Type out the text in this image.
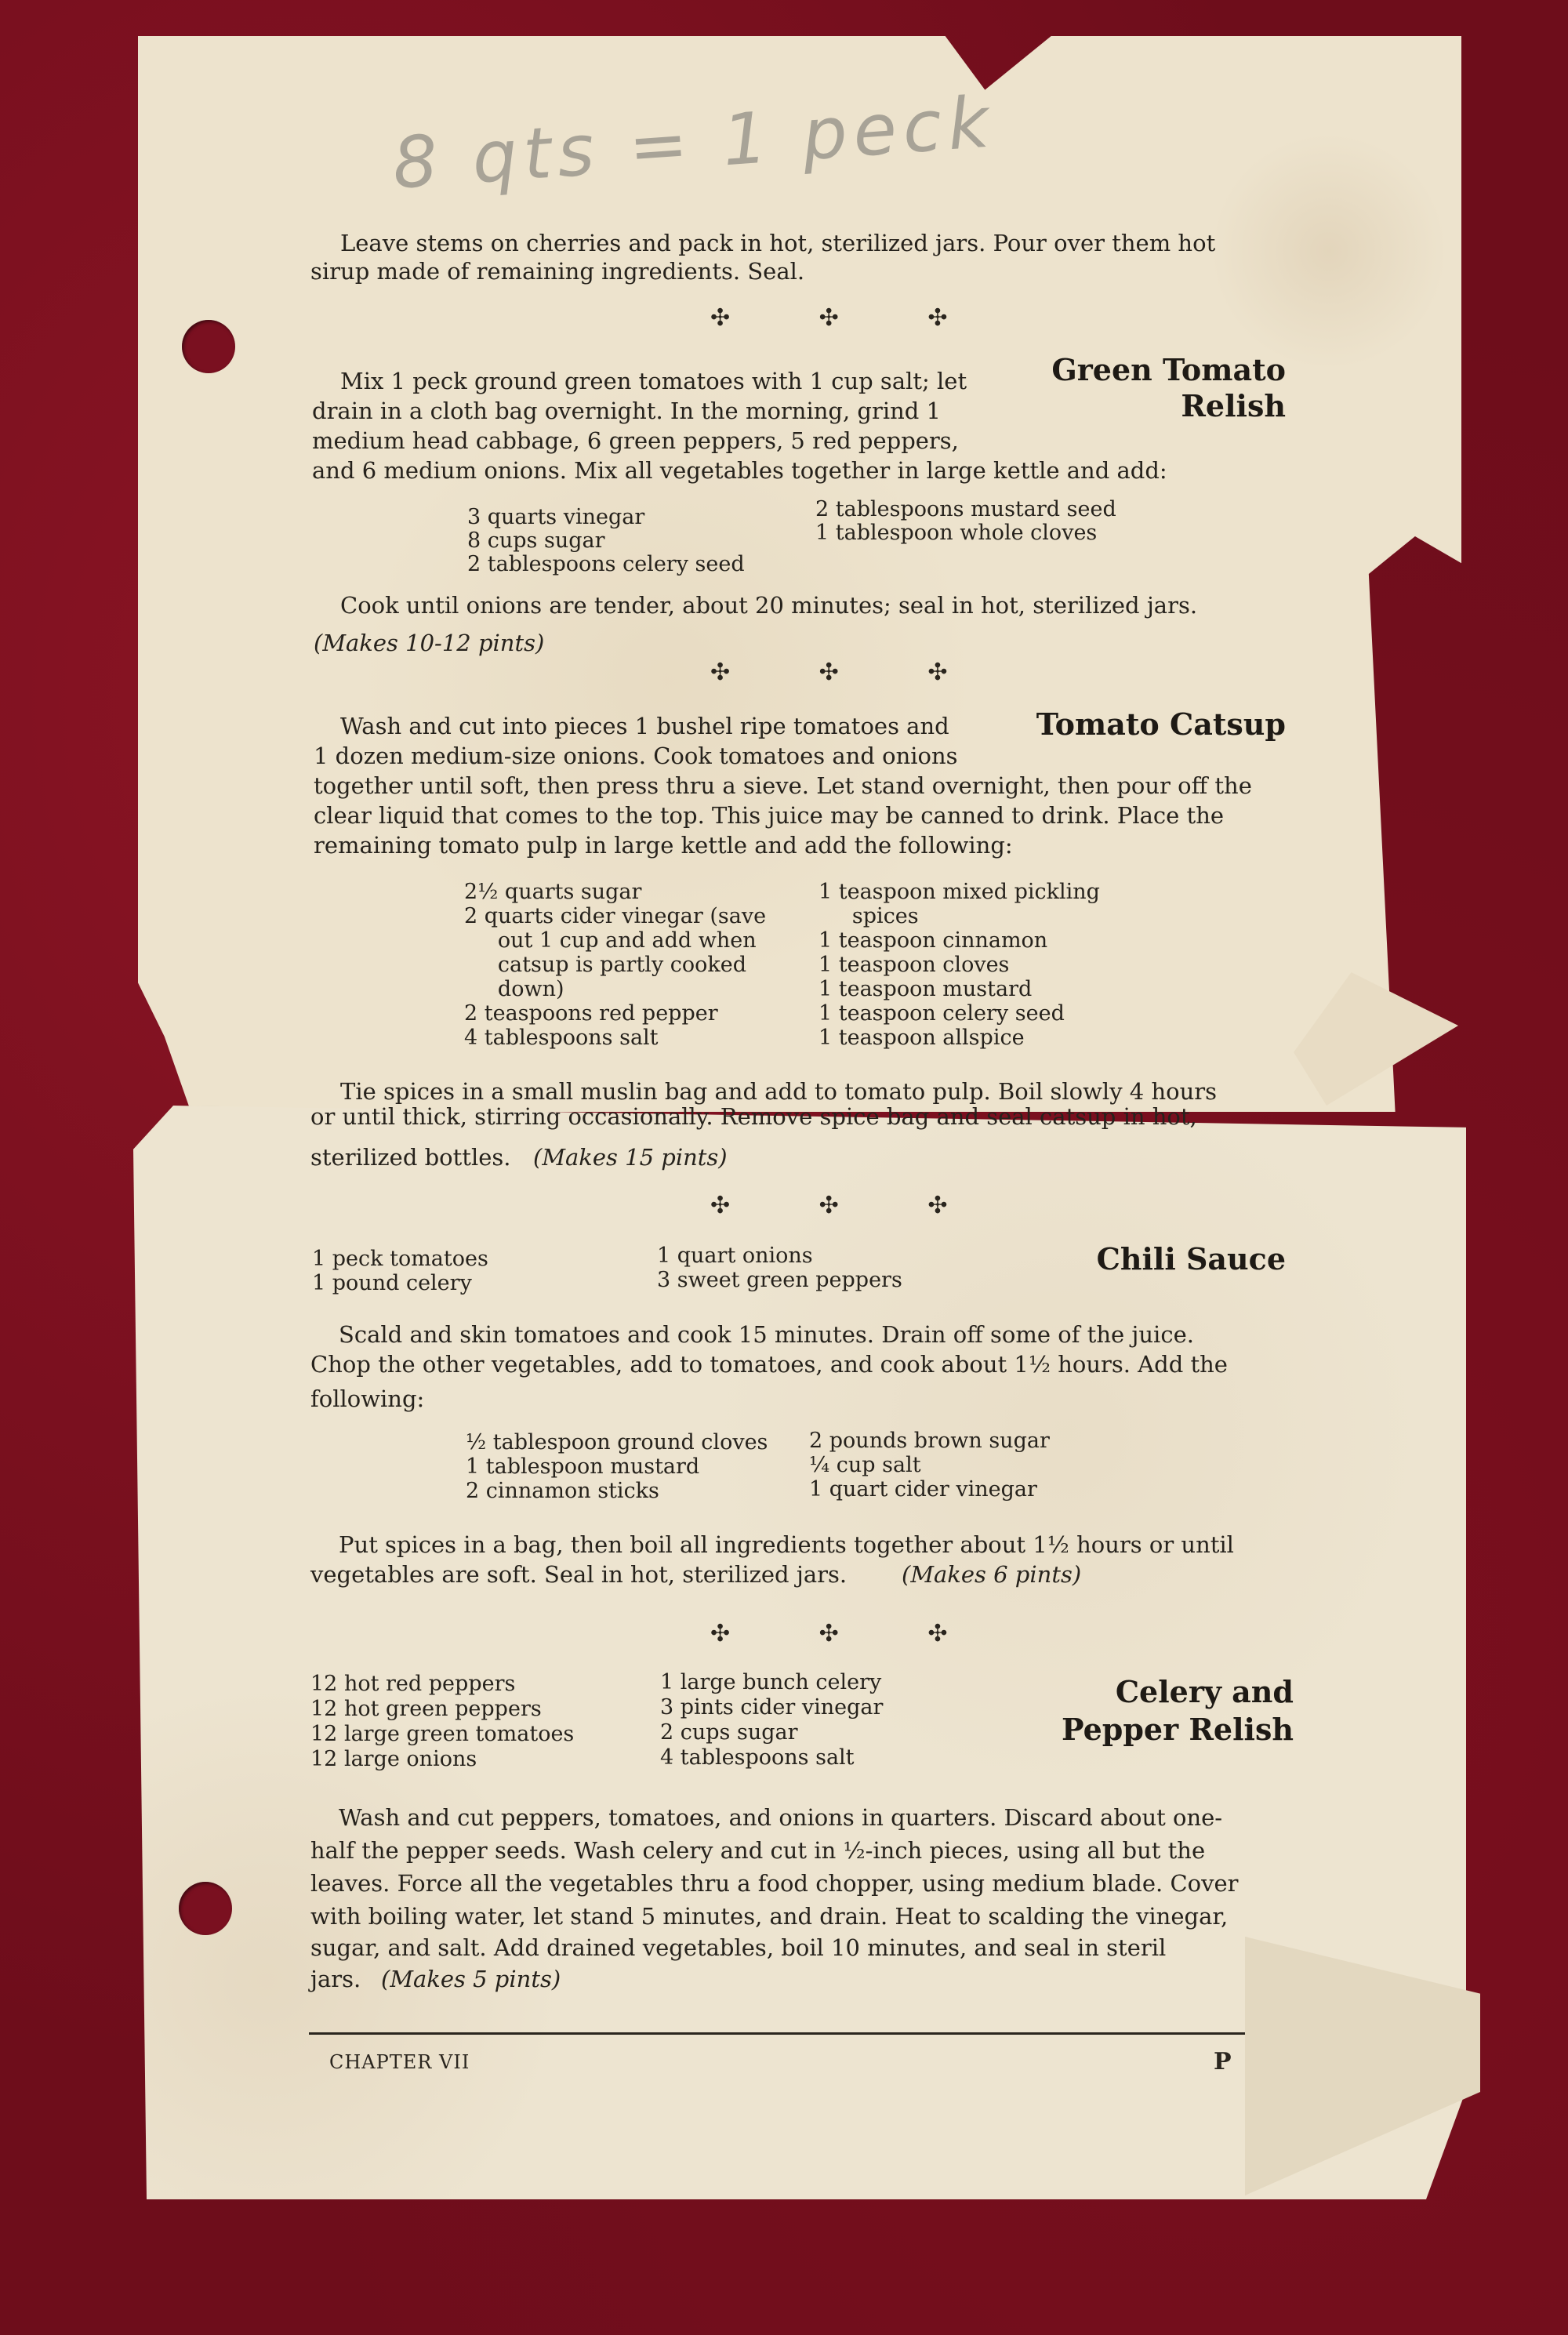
8 qts = 1 peck
Leave stems on cherries and pack in hot, sterilized jars. Pour over them hot
sirup made of remaining ingredients. Seal.
✣ ✣ ✣
Green Tomato
Relish
Mix 1 peck ground green tomatoes with 1 cup salt; let
drain in a cloth bag overnight. In the morning, grind 1
medium head cabbage, 6 green peppers, 5 red peppers,
and 6 medium onions. Mix all vegetables together in large kettle and add:
3 quarts vinegar
8 cups sugar
2 tablespoons celery seed
2 tablespoons mustard seed
1 tablespoon whole cloves
Cook until onions are tender, about 20 minutes; seal in hot, sterilized jars.
(Makes 10-12 pints)
✣ ✣ ✣
Tomato Catsup
Wash and cut into pieces 1 bushel ripe tomatoes and
1 dozen medium-size onions. Cook tomatoes and onions
together until soft, then press thru a sieve. Let stand overnight, then pour off the
clear liquid that comes to the top. This juice may be canned to drink. Place the
remaining tomato pulp in large kettle and add the following:
2½ quarts sugar
2 quarts cider vinegar (save
out 1 cup and add when
catsup is partly cooked
down)
2 teaspoons red pepper
4 tablespoons salt
1 teaspoon mixed pickling
spices
1 teaspoon cinnamon
1 teaspoon cloves
1 teaspoon mustard
1 teaspoon celery seed
1 teaspoon allspice
Tie spices in a small muslin bag and add to tomato pulp. Boil slowly 4 hours
or until thick, stirring occasionally. Remove spice bag and seal catsup in hot,
sterilized bottles. (Makes 15 pints)
✣ ✣ ✣
Chili Sauce
1 peck tomatoes
1 pound celery
1 quart onions
3 sweet green peppers
Scald and skin tomatoes and cook 15 minutes. Drain off some of the juice.
Chop the other vegetables, add to tomatoes, and cook about 1½ hours. Add the
following:
½ tablespoon ground cloves
1 tablespoon mustard
2 cinnamon sticks
2 pounds brown sugar
¼ cup salt
1 quart cider vinegar
Put spices in a bag, then boil all ingredients together about 1½ hours or until
vegetables are soft. Seal in hot, sterilized jars. (Makes 6 pints)
✣ ✣ ✣
Celery and
Pepper Relish
12 hot red peppers
12 hot green peppers
12 large green tomatoes
12 large onions
1 large bunch celery
3 pints cider vinegar
2 cups sugar
4 tablespoons salt
Wash and cut peppers, tomatoes, and onions in quarters. Discard about one-
half the pepper seeds. Wash celery and cut in ½-inch pieces, using all but the
leaves. Force all the vegetables thru a food chopper, using medium blade. Cover
with boiling water, let stand 5 minutes, and drain. Heat to scalding the vinegar,
sugar, and salt. Add drained vegetables, boil 10 minutes, and seal in steril
jars. (Makes 5 pints)
CHAPTER VII	P
